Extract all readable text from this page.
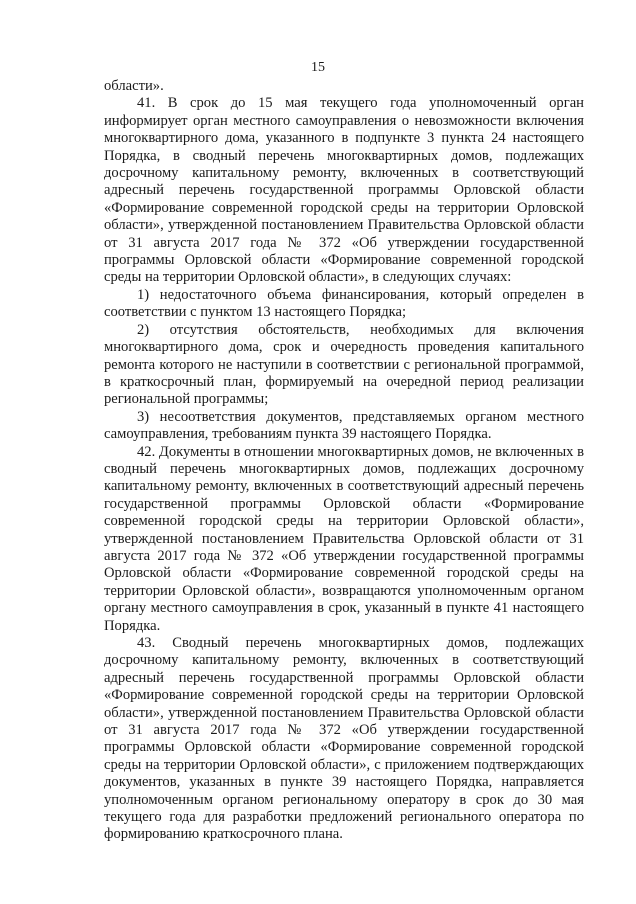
15

области».

41. В срок до 15 мая текущего года уполномоченный орган информирует орган местного самоуправления о невозможности включения многоквартирного дома, указанного в подпункте 3 пункта 24 настоящего Порядка, в сводный перечень многоквартирных домов, подлежащих досрочному капитальному ремонту, включенных в соответствующий адресный перечень государственной программы Орловской области «Формирование современной городской среды на территории Орловской области», утвержденной постановлением Правительства Орловской области от 31 августа 2017 года № 372 «Об утверждении государственной программы Орловской области «Формирование современной городской среды на территории Орловской области», в следующих случаях:

1) недостаточного объема финансирования, который определен в соответствии с пунктом 13 настоящего Порядка;

2) отсутствия обстоятельств, необходимых для включения многоквартирного дома, срок и очередность проведения капитального ремонта которого не наступили в соответствии с региональной программой, в краткосрочный план, формируемый на очередной период реализации региональной программы;

3) несоответствия документов, представляемых органом местного самоуправления, требованиям пункта 39 настоящего Порядка.

42. Документы в отношении многоквартирных домов, не включенных в сводный перечень многоквартирных домов, подлежащих досрочному капитальному ремонту, включенных в соответствующий адресный перечень государственной программы Орловской области «Формирование современной городской среды на территории Орловской области», утвержденной постановлением Правительства Орловской области от 31 августа 2017 года № 372 «Об утверждении государственной программы Орловской области «Формирование современной городской среды на территории Орловской области», возвращаются уполномоченным органом органу местного самоуправления в срок, указанный в пункте 41 настоящего Порядка.

43. Сводный перечень многоквартирных домов, подлежащих досрочному капитальному ремонту, включенных в соответствующий адресный перечень государственной программы Орловской области «Формирование современной городской среды на территории Орловской области», утвержденной постановлением Правительства Орловской области от 31 августа 2017 года № 372 «Об утверждении государственной программы Орловской области «Формирование современной городской среды на территории Орловской области», с приложением подтверждающих документов, указанных в пункте 39 настоящего Порядка, направляется уполномоченным органом региональному оператору в срок до 30 мая текущего года для разработки предложений регионального оператора по формированию краткосрочного плана.
